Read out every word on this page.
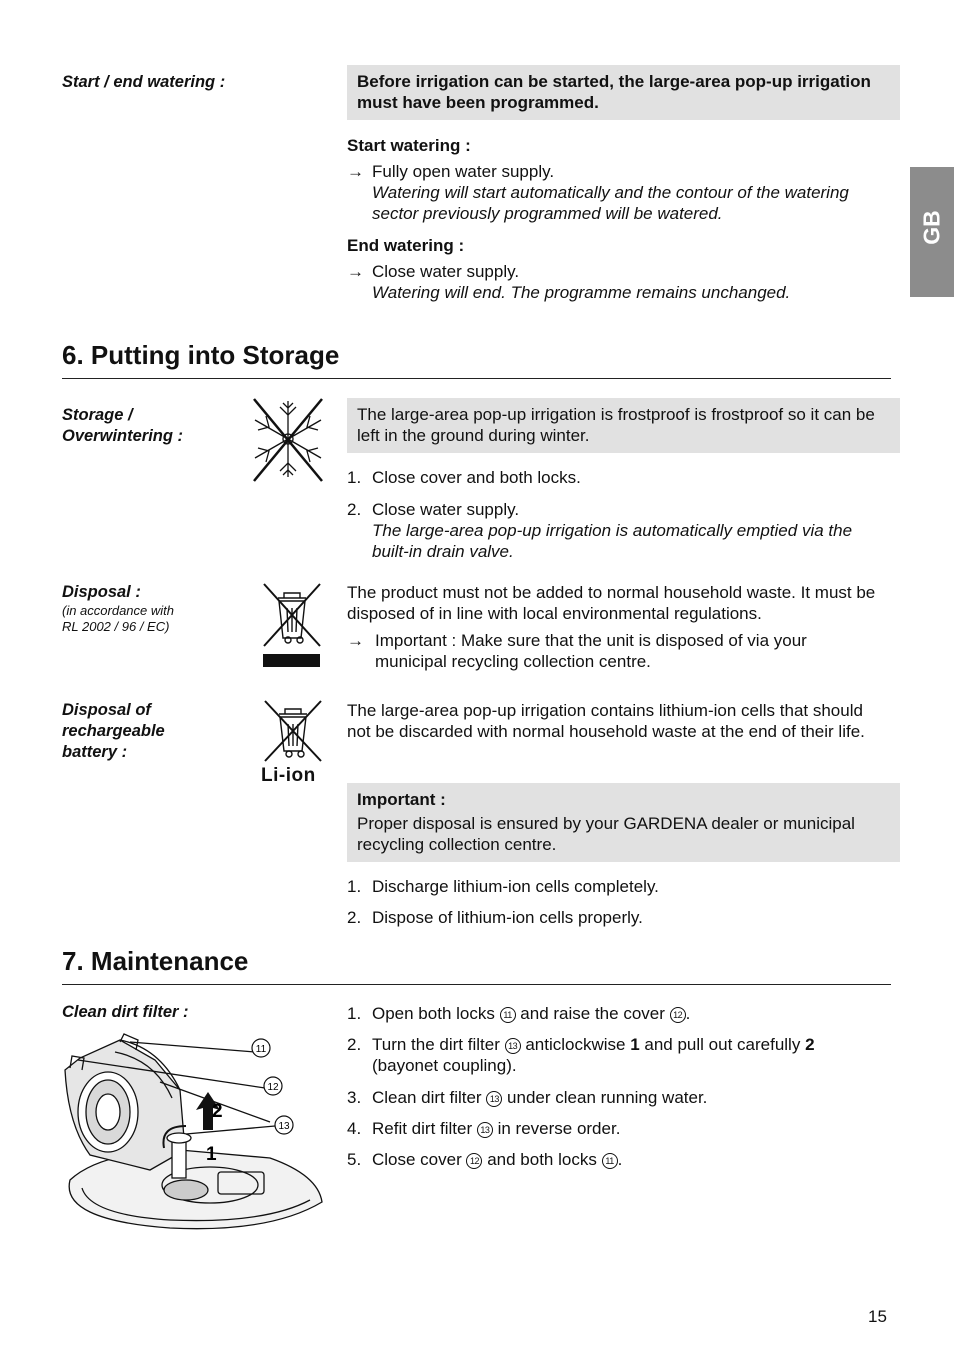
GB
Start / end watering :	Before irrigation can be started, the large-area pop-up irrigation must have been programmed.
Start watering :
→ Fully open water supply.
Watering will start automatically and the contour of the watering sector previously programmed will be watered.
End watering :
→ Close water supply.
Watering will end. The programme remains unchanged.
6. Putting into Storage
Storage /
Overwintering :
The large-area pop-up irrigation is frostproof is frostproof so it can be left in the ground during winter.
1. Close cover and both locks.
2. Close water supply.
The large-area pop-up irrigation is automatically emptied via the built-in drain valve.
Disposal :
(in accordance with
RL 2002 / 96 / EC)
The product must not be added to normal household waste. It must be disposed of in line with local environmental regulations.
→ Important : Make sure that the unit is disposed of via your municipal recycling collection centre.
Disposal of
rechargeable
battery :
Li-ion
The large-area pop-up irrigation contains lithium-ion cells that should not be discarded with normal household waste at the end of their life.
Important :
Proper disposal is ensured by your GARDENA dealer or municipal recycling collection centre.
1. Discharge lithium-ion cells completely.
2. Dispose of lithium-ion cells properly.
7. Maintenance
Clean dirt filter :
11
12
13
2
1
1. Open both locks 11 and raise the cover 12 .
2. Turn the dirt filter 13 anticlockwise 1 and pull out carefully 2
(bayonet coupling).
3. Clean dirt filter 13 under clean running water.
4. Refit dirt filter 13 in reverse order.
5. Close cover 12 and both locks 11 .
15
